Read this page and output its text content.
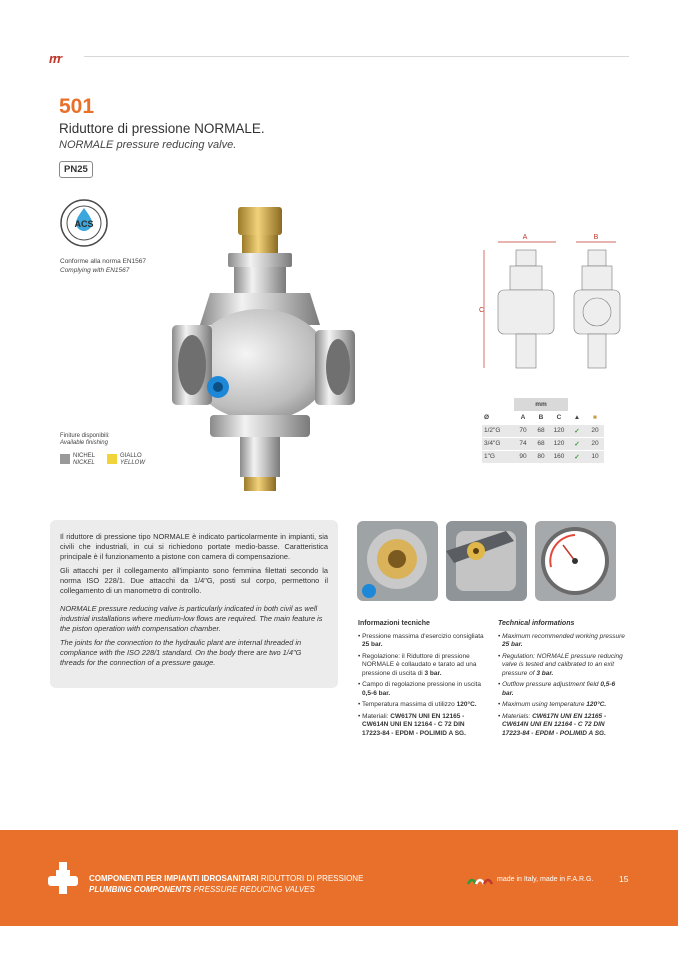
rrr
501
Riduttore di pressione NORMALE.
NORMALE pressure reducing valve.
PN25
ACS
Conforme alla norma EN1567
Complying with EN1567
Finiture disponibili:
Available finishing
NICHEL
NICKEL
GIALLO
YELLOW
A	B
C
	mm				
Ø	A	B	C	▲	■
1/2"G	70	68	120	✓	20
3/4"G	74	68	120	✓	20
1"G	90	80	160	✓	10

Il riduttore di pressione tipo NORMALE è indicato particolarmente in impianti, sia civili che industriali, in cui si richiedono portate medio-basse. Caratteristica principale è il funzionamento a pistone con camera di compensazione.

Gli attacchi per il collegamento all'impianto sono femmina filettati secondo la norma ISO 228/1. Due attacchi da 1/4"G, posti sul corpo, permettono il collegamento di un manometro di controllo.

NORMALE pressure reducing valve is particularly indicated in both civil as well industrial installations where medium-low flows are required. The main feature is the piston operation with compensation chamber.

The joints for the connection to the hydraulic plant are internal threaded in compliance with the ISO 228/1 standard. On the body there are two 1/4"G threads for the connection of a pressure gauge.

Informazioni tecniche
• Pressione massima d'esercizio consigliata 25 bar.
• Regolazione: il Riduttore di pressione NORMALE è collaudato e tarato ad una pressione di uscita di 3 bar.
• Campo di regolazione pressione in uscita 0,5-6 bar.
• Temperatura massima di utilizzo 120°C.
• Materiali: CW617N UNI EN 12165 - CW614N UNI EN 12164 - C 72 DIN 17223-84 - EPDM - POLIMID A SG.
Technical informations
• Maximum recommended working pressure 25 bar.
• Regulation: NORMALE pressure reducing valve is tested and calibrated to an exit pressure of 3 bar.
• Outflow pressure adjustment field 0,5-6 bar.
• Maximum using temperature 120°C.
• Materials: CW617N UNI EN 12165 - CW614N UNI EN 12164 - C 72 DIN 17223-84 - EPDM - POLIMID A SG.
COMPONENTI PER IMPIANTI IDROSANITARI RIDUTTORI DI PRESSIONE
PLUMBING COMPONENTS PRESSURE REDUCING VALVES
made in Italy, made in F.A.R.G.	15
